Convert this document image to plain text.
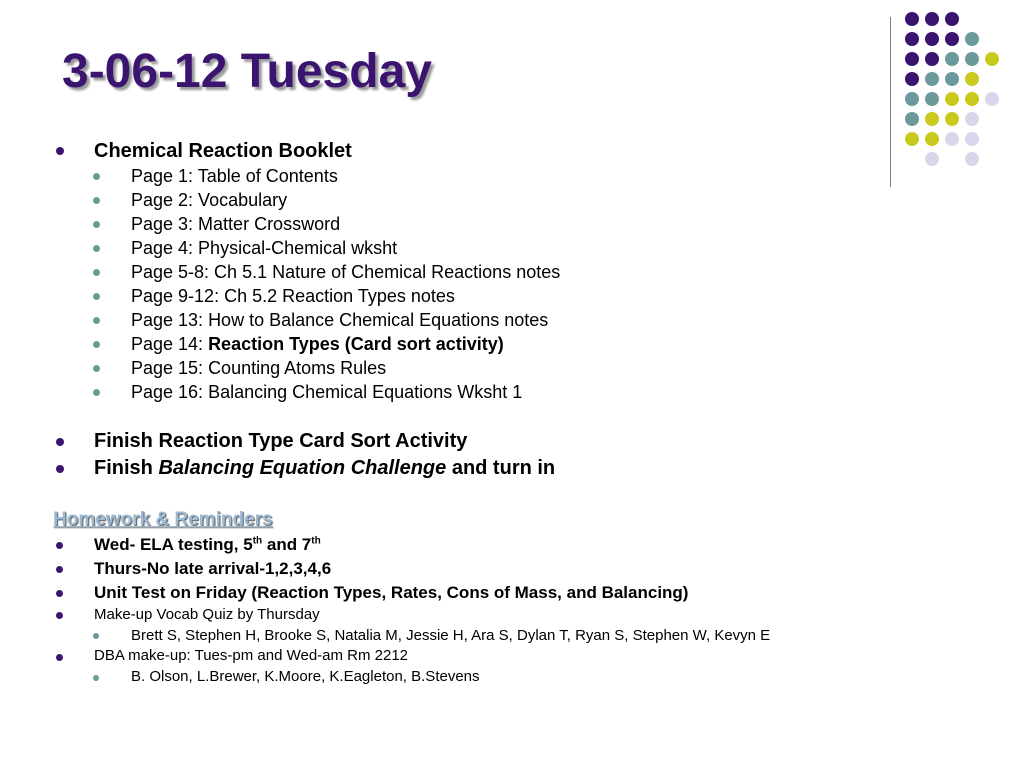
3-06-12 Tuesday
Chemical Reaction Booklet
Page 1: Table of Contents
Page 2: Vocabulary
Page 3: Matter Crossword
Page 4: Physical-Chemical wksht
Page 5-8: Ch 5.1 Nature of Chemical Reactions notes
Page 9-12: Ch 5.2 Reaction Types notes
Page 13: How to Balance Chemical Equations notes
Page 14: Reaction Types (Card sort activity)
Page 15: Counting Atoms Rules
Page 16: Balancing Chemical Equations Wksht 1
Finish Reaction Type Card Sort Activity
Finish Balancing Equation Challenge and turn in
Homework & Reminders
Wed- ELA testing, 5th and 7th
Thurs-No late arrival-1,2,3,4,6
Unit Test on Friday (Reaction Types, Rates, Cons of Mass, and Balancing)
Make-up Vocab Quiz by Thursday
Brett S, Stephen H, Brooke S, Natalia M, Jessie H, Ara S, Dylan T, Ryan S, Stephen W, Kevyn E
DBA make-up: Tues-pm and Wed-am Rm 2212
B. Olson, L.Brewer, K.Moore, K.Eagleton, B.Stevens
